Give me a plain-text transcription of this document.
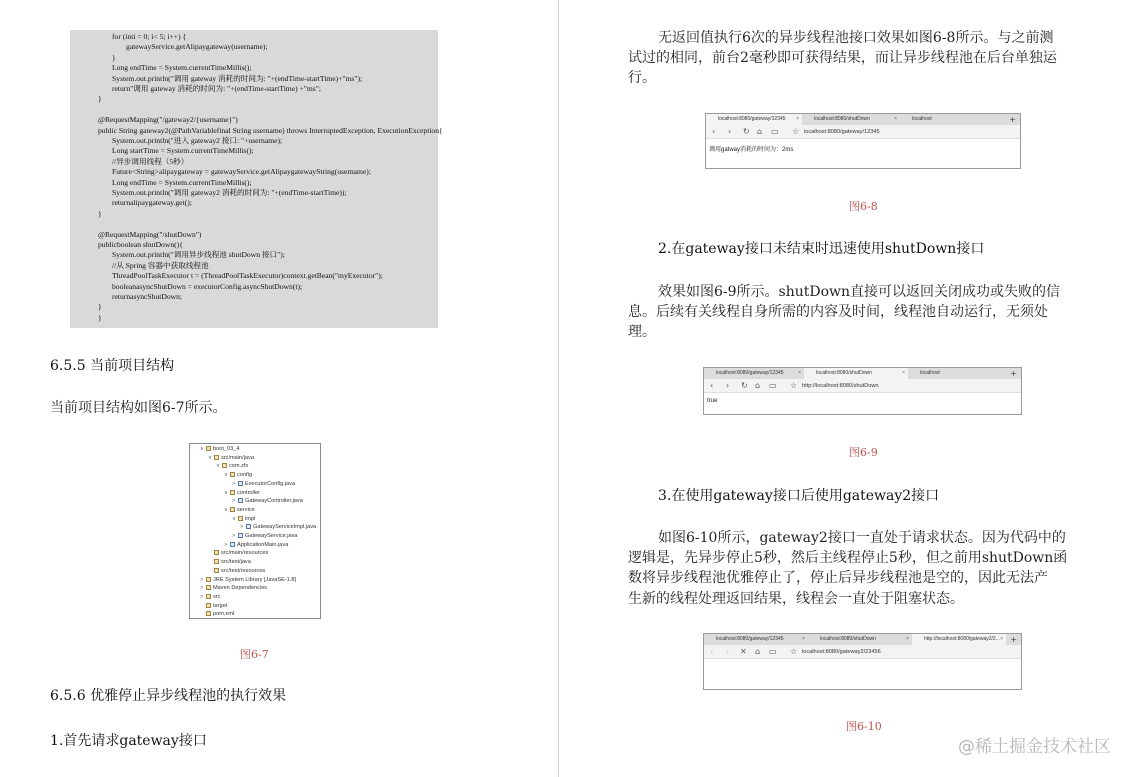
for (inti = 0; i< 5; i++) {
gatewayService.getAlipaygateway(username);
}
Long endTime = System.currentTimeMillis();
System.out.println("调用 gateway 消耗的时间为: "+(endTime-startTime)+"ms");
return"调用 gateway 消耗的时间为: "+(endTime-startTime) +"ms";
}
@RequestMapping("/gateway2/{username}")
public String gateway2(@PathVariablefinal String username) throws InterruptedException, ExecutionException{
System.out.println("进入 gateway2 接口: "+username);
Long startTime = System.currentTimeMillis();
//异步调用线程（5秒）
Future<String>alipaygateway = gatewayService.getAlipaygatewayString(username);
Long endTime = System.currentTimeMillis();
System.out.println("调用 gateway2 消耗的时间为: "+(endTime-startTime));
returnalipaygateway.get();
}
@RequestMapping("/shutDown")
publicboolean shutDown(){
System.out.println("调用异步线程池 shutDown 接口");
//从 Spring 容器中获取线程池
ThreadPoolTaskExecutor t = (ThreadPoolTaskExecutor)context.getBean("myExecutor");
booleanasyncShutDown = executorConfig.asyncShutDown(t);
returnasyncShutDown;
}
}
6.5.5 当前项目结构
当前项目结构如图6-7所示。
∨ boot_03_4
∨ src/main/java
∨ com.zfx
∨ config
> ExecutorConfig.java
∨ controller
> GatewayController.java
∨ service
∨ impl
> GatewayServiceImpl.java
> GatewayService.java
> ApplicationMain.java
src/main/resources
src/test/java
src/test/resources
> JRE System Library [JavaSE-1.8]
> Maven Dependencies
> src
target
pom.xml
图6-7
6.5.6 优雅停止异步线程池的执行效果
1.首先请求gateway接口
无返回值执行6次的异步线程池接口效果如图6-8所示。与之前测
试过的相同，前台2毫秒即可获得结果，而让异步线程池在后台单独运
行。
localhost:8080/gateway/12345 ×	localhost:8080/shutDown	×	localhost	+
‹ › ↻ ⌂ ▭ ☆ localhost:8080/gateway/12345
调用gatway消耗的时间为：2ms
图6-8
2.在gateway接口未结束时迅速使用shutDown接口
效果如图6-9所示。shutDown直接可以返回关闭成功或失败的信
息。后续有关线程自身所需的内容及时间，线程池自动运行，无须处
理。
localhost:8080/gateway/12345	×	localhost:8080/shutDown	×	localhost	+
‹ › ↻ ⌂ ▭ ☆ http://localhost:8080/shutDown
true
图6-9
3.在使用gateway接口后使用gateway2接口
如图6-10所示，gateway2接口一直处于请求状态。因为代码中的
逻辑是，先异步停止5秒，然后主线程停止5秒，但之前用shutDown函
数将异步线程池优雅停止了，停止后异步线程池是空的，因此无法产
生新的线程处理返回结果，线程会一直处于阻塞状态。
localhost:8080/gateway/12345	×	localhost:8080/shutDown	×	http://localhost:8080/gateway2/2... × +
‹ › ✕ ⌂ ▭ ☆ localhost:8080/gateway2/23456
图6-10
@稀土掘金技术社区
